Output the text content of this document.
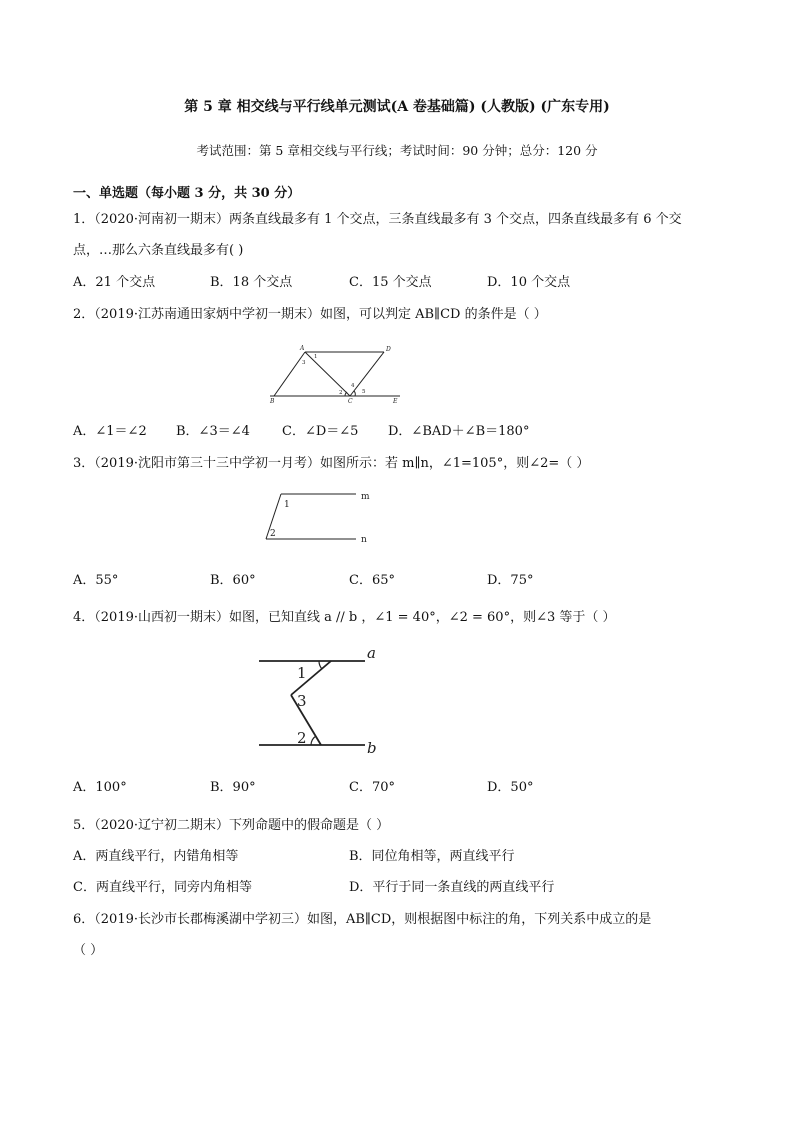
第 5 章 相交线与平行线单元测试(A 卷基础篇) (人教版) (广东专用)
考试范围：第 5 章相交线与平行线；考试时间：90 分钟；总分：120 分
一、单选题（每小题 3 分，共 30 分）
1．（2020·河南初一期末）两条直线最多有 1 个交点，三条直线最多有 3 个交点，四条直线最多有 6 个交
点，…那么六条直线最多有( )
A．21 个交点	B．18 个交点	C．15 个交点	D．10 个交点
2．（2019·江苏南通田家炳中学初一期末）如图，可以判定 AB∥CD 的条件是（ ）
A	D
B	C	E
1
3
2
4
5
A．∠1＝∠2 B．∠3＝∠4 C．∠D＝∠5 D．∠BAD＋∠B＝180°
3．（2019·沈阳市第三十三中学初一月考）如图所示：若 m∥n，∠1=105°，则∠2=（ ）
m
n
1
2
A．55°	B．60°	C．65°	D．75°
4．（2019·山西初一期末）如图，已知直线 a // b ，∠1 = 40°，∠2 = 60°，则∠3 等于（ ）
a
b
1
3
2
A．100°	B．90°	C．70°	D．50°
5．（2020·辽宁初二期末）下列命题中的假命题是（ ）
A．两直线平行，内错角相等	B．同位角相等，两直线平行
C．两直线平行，同旁内角相等	D．平行于同一条直线的两直线平行
6．（2019·长沙市长郡梅溪湖中学初三）如图，AB∥CD，则根据图中标注的角，下列关系中成立的是
（ ）
